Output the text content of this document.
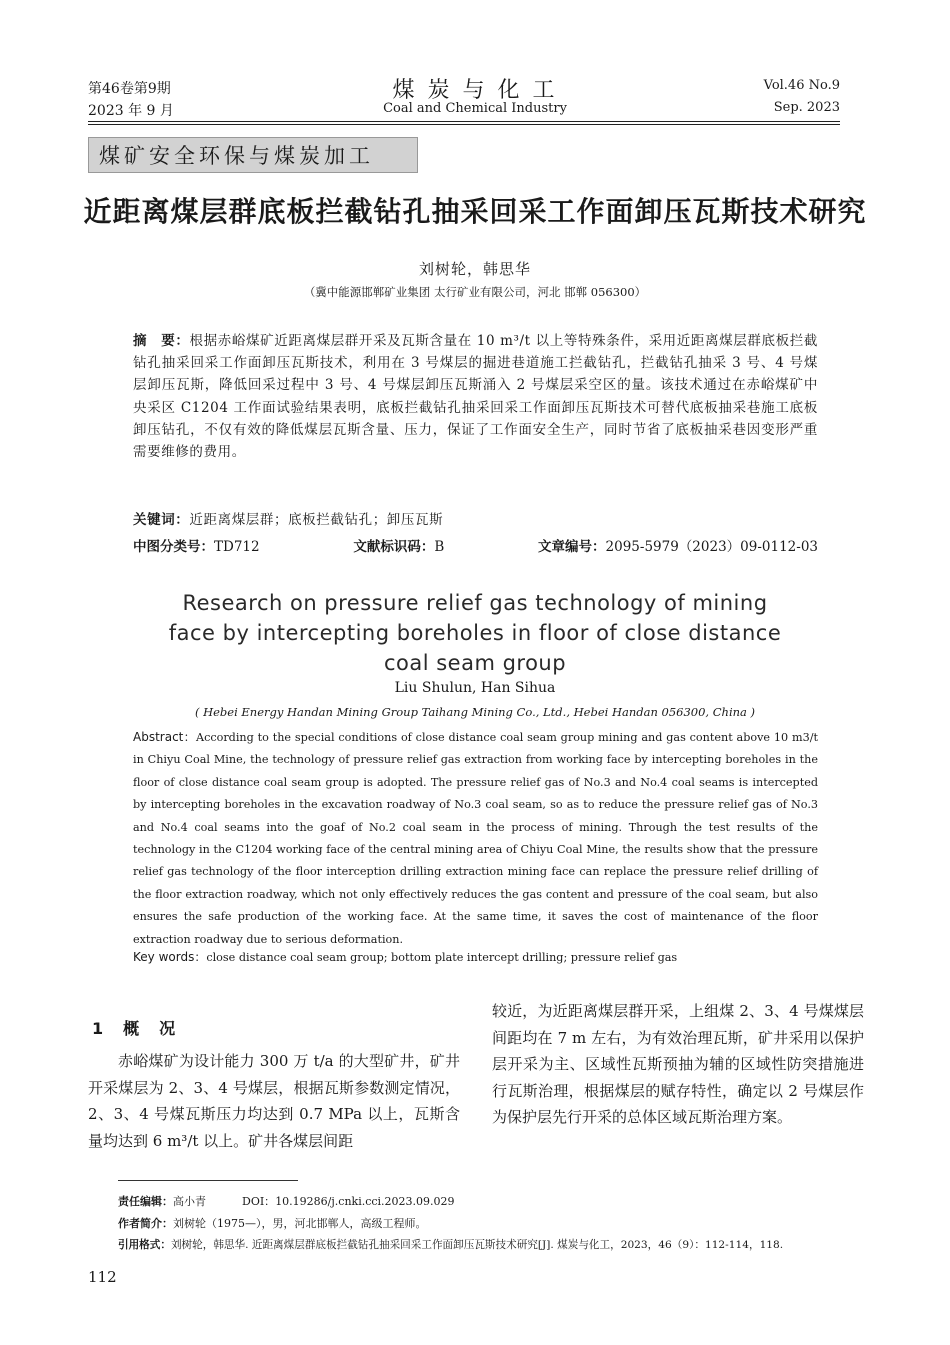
第46卷第9期
2023 年 9 月
煤 炭 与 化 工
Coal and Chemical Industry
Vol.46 No.9
Sep. 2023
煤矿安全环保与煤炭加工
近距离煤层群底板拦截钻孔抽采回采工作面卸压瓦斯技术研究
刘树轮，韩思华
（冀中能源邯郸矿业集团 太行矿业有限公司，河北 邯郸 056300）
摘　要：根据赤峪煤矿近距离煤层群开采及瓦斯含量在 10 m³/t 以上等特殊条件，采用近距离煤层群底板拦截钻孔抽采回采工作面卸压瓦斯技术，利用在 3 号煤层的掘进巷道施工拦截钻孔，拦截钻孔抽采 3 号、4 号煤层卸压瓦斯，降低回采过程中 3 号、4 号煤层卸压瓦斯涌入 2 号煤层采空区的量。该技术通过在赤峪煤矿中央采区 C1204 工作面试验结果表明，底板拦截钻孔抽采回采工作面卸压瓦斯技术可替代底板抽采巷施工底板卸压钻孔，不仅有效的降低煤层瓦斯含量、压力，保证了工作面安全生产，同时节省了底板抽采巷因变形严重需要维修的费用。
关键词：近距离煤层群；底板拦截钻孔；卸压瓦斯
中图分类号：TD712	文献标识码：B	文章编号：2095-5979（2023）09-0112-03
Research on pressure relief gas technology of mining face by intercepting boreholes in floor of close distance coal seam group
Liu Shulun, Han Sihua
( Hebei Energy Handan Mining Group Taihang Mining Co., Ltd., Hebei Handan 056300, China )
Abstract：According to the special conditions of close distance coal seam group mining and gas content above 10 m3/t in Chiyu Coal Mine, the technology of pressure relief gas extraction from working face by intercepting boreholes in the floor of close distance coal seam group is adopted. The pressure relief gas of No.3 and No.4 coal seams is intercepted by intercepting boreholes in the excavation roadway of No.3 coal seam, so as to reduce the pressure relief gas of No.3 and No.4 coal seams into the goaf of No.2 coal seam in the process of mining. Through the test results of the technology in the C1204 working face of the central mining area of Chiyu Coal Mine, the results show that the pressure relief gas technology of the floor interception drilling extraction mining face can replace the pressure relief drilling of the floor extraction roadway, which not only effectively reduces the gas content and pressure of the coal seam, but also ensures the safe production of the working face. At the same time, it saves the cost of maintenance of the floor extraction roadway due to serious deformation.
Key words：close distance coal seam group; bottom plate intercept drilling; pressure relief gas
1　概　况
赤峪煤矿为设计能力 300 万 t/a 的大型矿井，矿井开采煤层为 2、3、4 号煤层，根据瓦斯参数测定情况，2、3、4 号煤瓦斯压力均达到 0.7 MPa 以上，瓦斯含量均达到 6 m³/t 以上。矿井各煤层间距
较近，为近距离煤层群开采，上组煤 2、3、4 号煤煤层间距均在 7 m 左右，为有效治理瓦斯，矿井采用以保护层开采为主、区域性瓦斯预抽为辅的区域性防突措施进行瓦斯治理，根据煤层的赋存特性，确定以 2 号煤层作为保护层先行开采的总体区域瓦斯治理方案。
责任编辑：高小青	DOI：10.19286/j.cnki.cci.2023.09.029
作者简介：刘树轮（1975—），男，河北邯郸人，高级工程师。
引用格式：刘树轮，韩思华. 近距离煤层群底板拦截钻孔抽采回采工作面卸压瓦斯技术研究[J]. 煤炭与化工，2023，46（9）：112-114，118.
112
